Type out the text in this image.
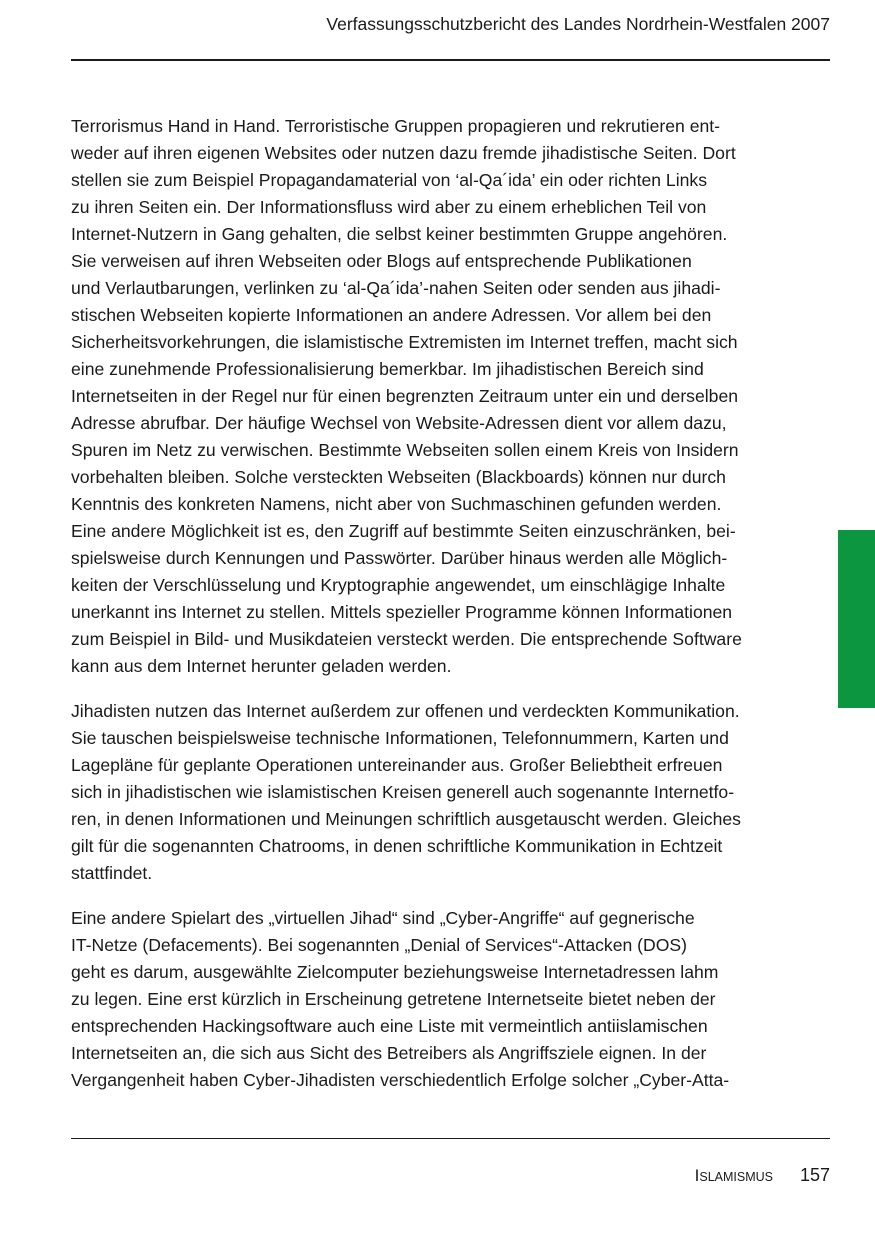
Verfassungsschutzbericht des Landes Nordrhein-Westfalen 2007
Terrorismus Hand in Hand. Terroristische Gruppen propagieren und rekrutieren ent-
weder auf ihren eigenen Websites oder nutzen dazu fremde jihadistische Seiten. Dort
stellen sie zum Beispiel Propagandamaterial von ‘al-Qa´ida’ ein oder richten Links
zu ihren Seiten ein. Der Informationsfluss wird aber zu einem erheblichen Teil von
Internet-Nutzern in Gang gehalten, die selbst keiner bestimmten Gruppe angehören.
Sie verweisen auf ihren Webseiten oder Blogs auf entsprechende Publikationen
und Verlautbarungen, verlinken zu ‘al-Qa´ida’-nahen Seiten oder senden aus jihadi-
stischen Webseiten kopierte Informationen an andere Adressen. Vor allem bei den
Sicherheitsvorkehrungen, die islamistische Extremisten im Internet treffen, macht sich
eine zunehmende Professionalisierung bemerkbar. Im jihadistischen Bereich sind
Internetseiten in der Regel nur für einen begrenzten Zeitraum unter ein und derselben
Adresse abrufbar. Der häufige Wechsel von Website-Adressen dient vor allem dazu,
Spuren im Netz zu verwischen. Bestimmte Webseiten sollen einem Kreis von Insidern
vorbehalten bleiben. Solche versteckten Webseiten (Blackboards) können nur durch
Kenntnis des konkreten Namens, nicht aber von Suchmaschinen gefunden werden.
Eine andere Möglichkeit ist es, den Zugriff auf bestimmte Seiten einzuschränken, bei-
spielsweise durch Kennungen und Passwörter. Darüber hinaus werden alle Möglich-
keiten der Verschlüsselung und Kryptographie angewendet, um einschlägige Inhalte
unerkannt ins Internet zu stellen. Mittels spezieller Programme können Informationen
zum Beispiel in Bild- und Musikdateien versteckt werden. Die entsprechende Software
kann aus dem Internet herunter geladen werden.
Jihadisten nutzen das Internet außerdem zur offenen und verdeckten Kommunikation.
Sie tauschen beispielsweise technische Informationen, Telefonnummern, Karten und
Lagepläne für geplante Operationen untereinander aus. Großer Beliebtheit erfreuen
sich in jihadistischen wie islamistischen Kreisen generell auch sogenannte Internetfo-
ren, in denen Informationen und Meinungen schriftlich ausgetauscht werden. Gleiches
gilt für die sogenannten Chatrooms, in denen schriftliche Kommunikation in Echtzeit
stattfindet.
Eine andere Spielart des „virtuellen Jihad“ sind „Cyber-Angriffe“ auf gegnerische
IT-Netze (Defacements). Bei sogenannten „Denial of Services“-Attacken (DOS)
geht es darum, ausgewählte Zielcomputer beziehungsweise Internetadressen lahm
zu legen. Eine erst kürzlich in Erscheinung getretene Internetseite bietet neben der
entsprechenden Hackingsoftware auch eine Liste mit vermeintlich antiislamischen
Internetseiten an, die sich aus Sicht des Betreibers als Angriffsziele eignen. In der
Vergangenheit haben Cyber-Jihadisten verschiedentlich Erfolge solcher „Cyber-Atta-
ISLAMISMUS 157
